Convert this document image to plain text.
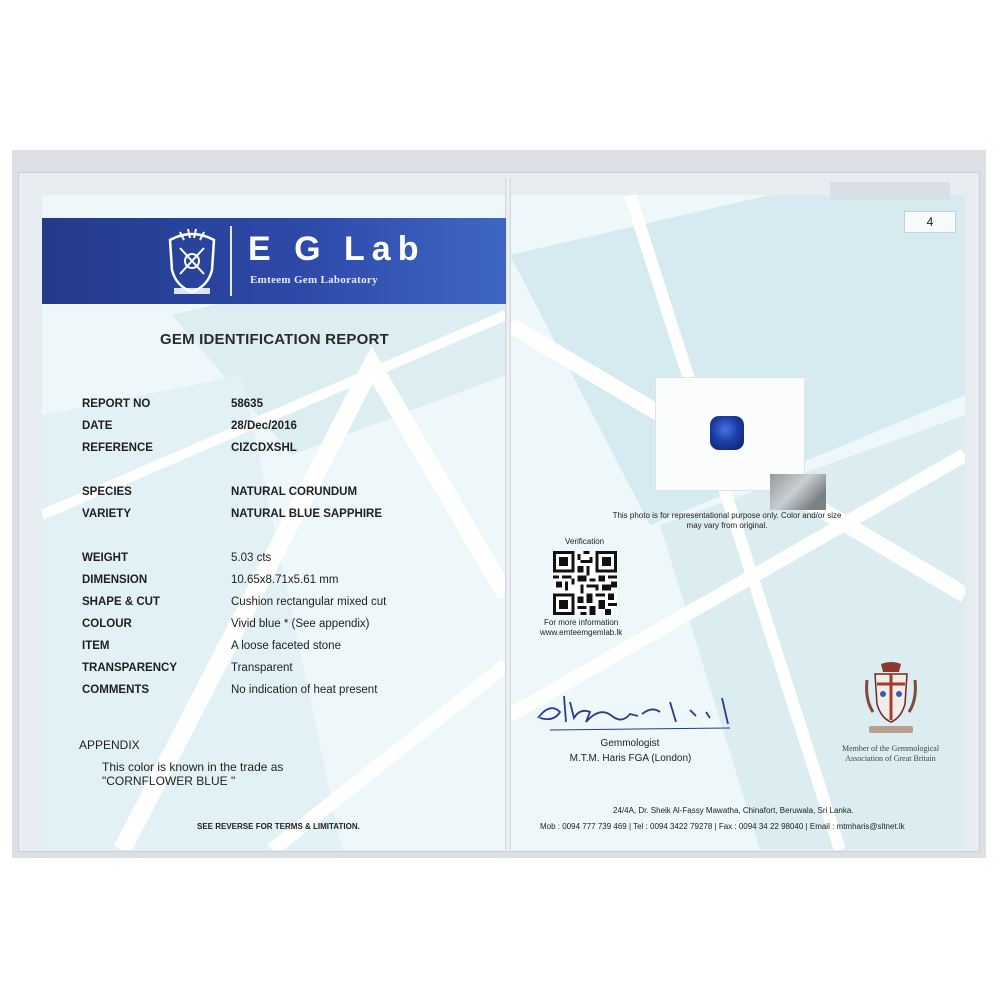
E G Lab
Emteem Gem Laboratory
GEM IDENTIFICATION REPORT
REPORT NO	58635
DATE	28/Dec/2016
REFERENCE	CIZCDXSHL
SPECIES	NATURAL CORUNDUM
VARIETY	NATURAL BLUE SAPPHIRE
WEIGHT	5.03 cts
DIMENSION	10.65x8.71x5.61 mm
SHAPE & CUT	Cushion rectangular mixed cut
COLOUR	Vivid blue * (See appendix)
ITEM	A loose faceted stone
TRANSPARENCY	Transparent
COMMENTS	No indication of heat present
APPENDIX
This color is known in the trade as "CORNFLOWER BLUE "
SEE REVERSE FOR TERMS & LIMITATION.
4
This photo is for representational purpose only. Color and/or size may vary from original.
Verification
For more information
www.emteemgemlab.lk
Gemmologist
M.T.M. Haris FGA (London)
Member of the Gemmological
Association of Great Britain
24/4A, Dr. Sheik Al-Fassy Mawatha, Chinafort, Beruwala, Sri Lanka.
Mob : 0094 777 739 469 | Tel : 0094 3422 79278 | Fax : 0094 34 22 98040 | Email : mtmharis@sltnet.lk
